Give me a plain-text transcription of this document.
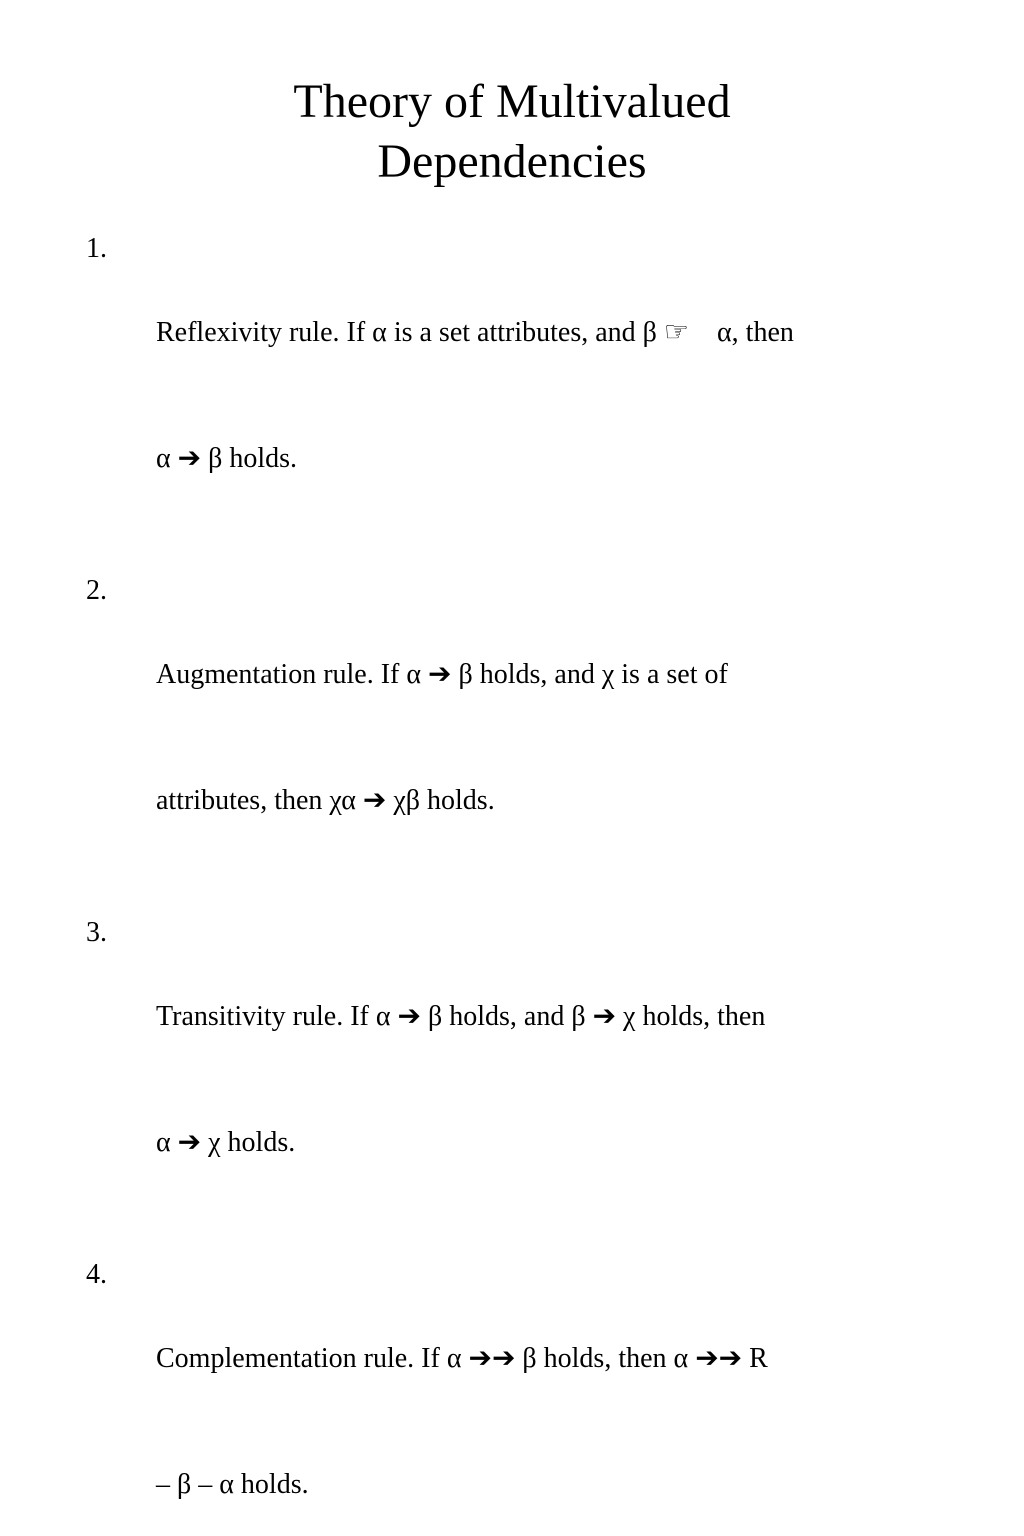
Theory of Multivalued
Dependencies
1.

Reflexivity rule. If α is a set attributes, and β ☞    α, then

α ➔ β holds.

2.

Augmentation rule. If α ➔ β holds, and χ is a set of

attributes, then χα ➔ χβ holds.

3.

Transitivity rule. If α ➔ β holds, and β ➔ χ holds, then

α ➔ χ holds.

4.

Complementation rule. If α ➔➔ β holds, then α ➔➔ R

– β – α holds.
